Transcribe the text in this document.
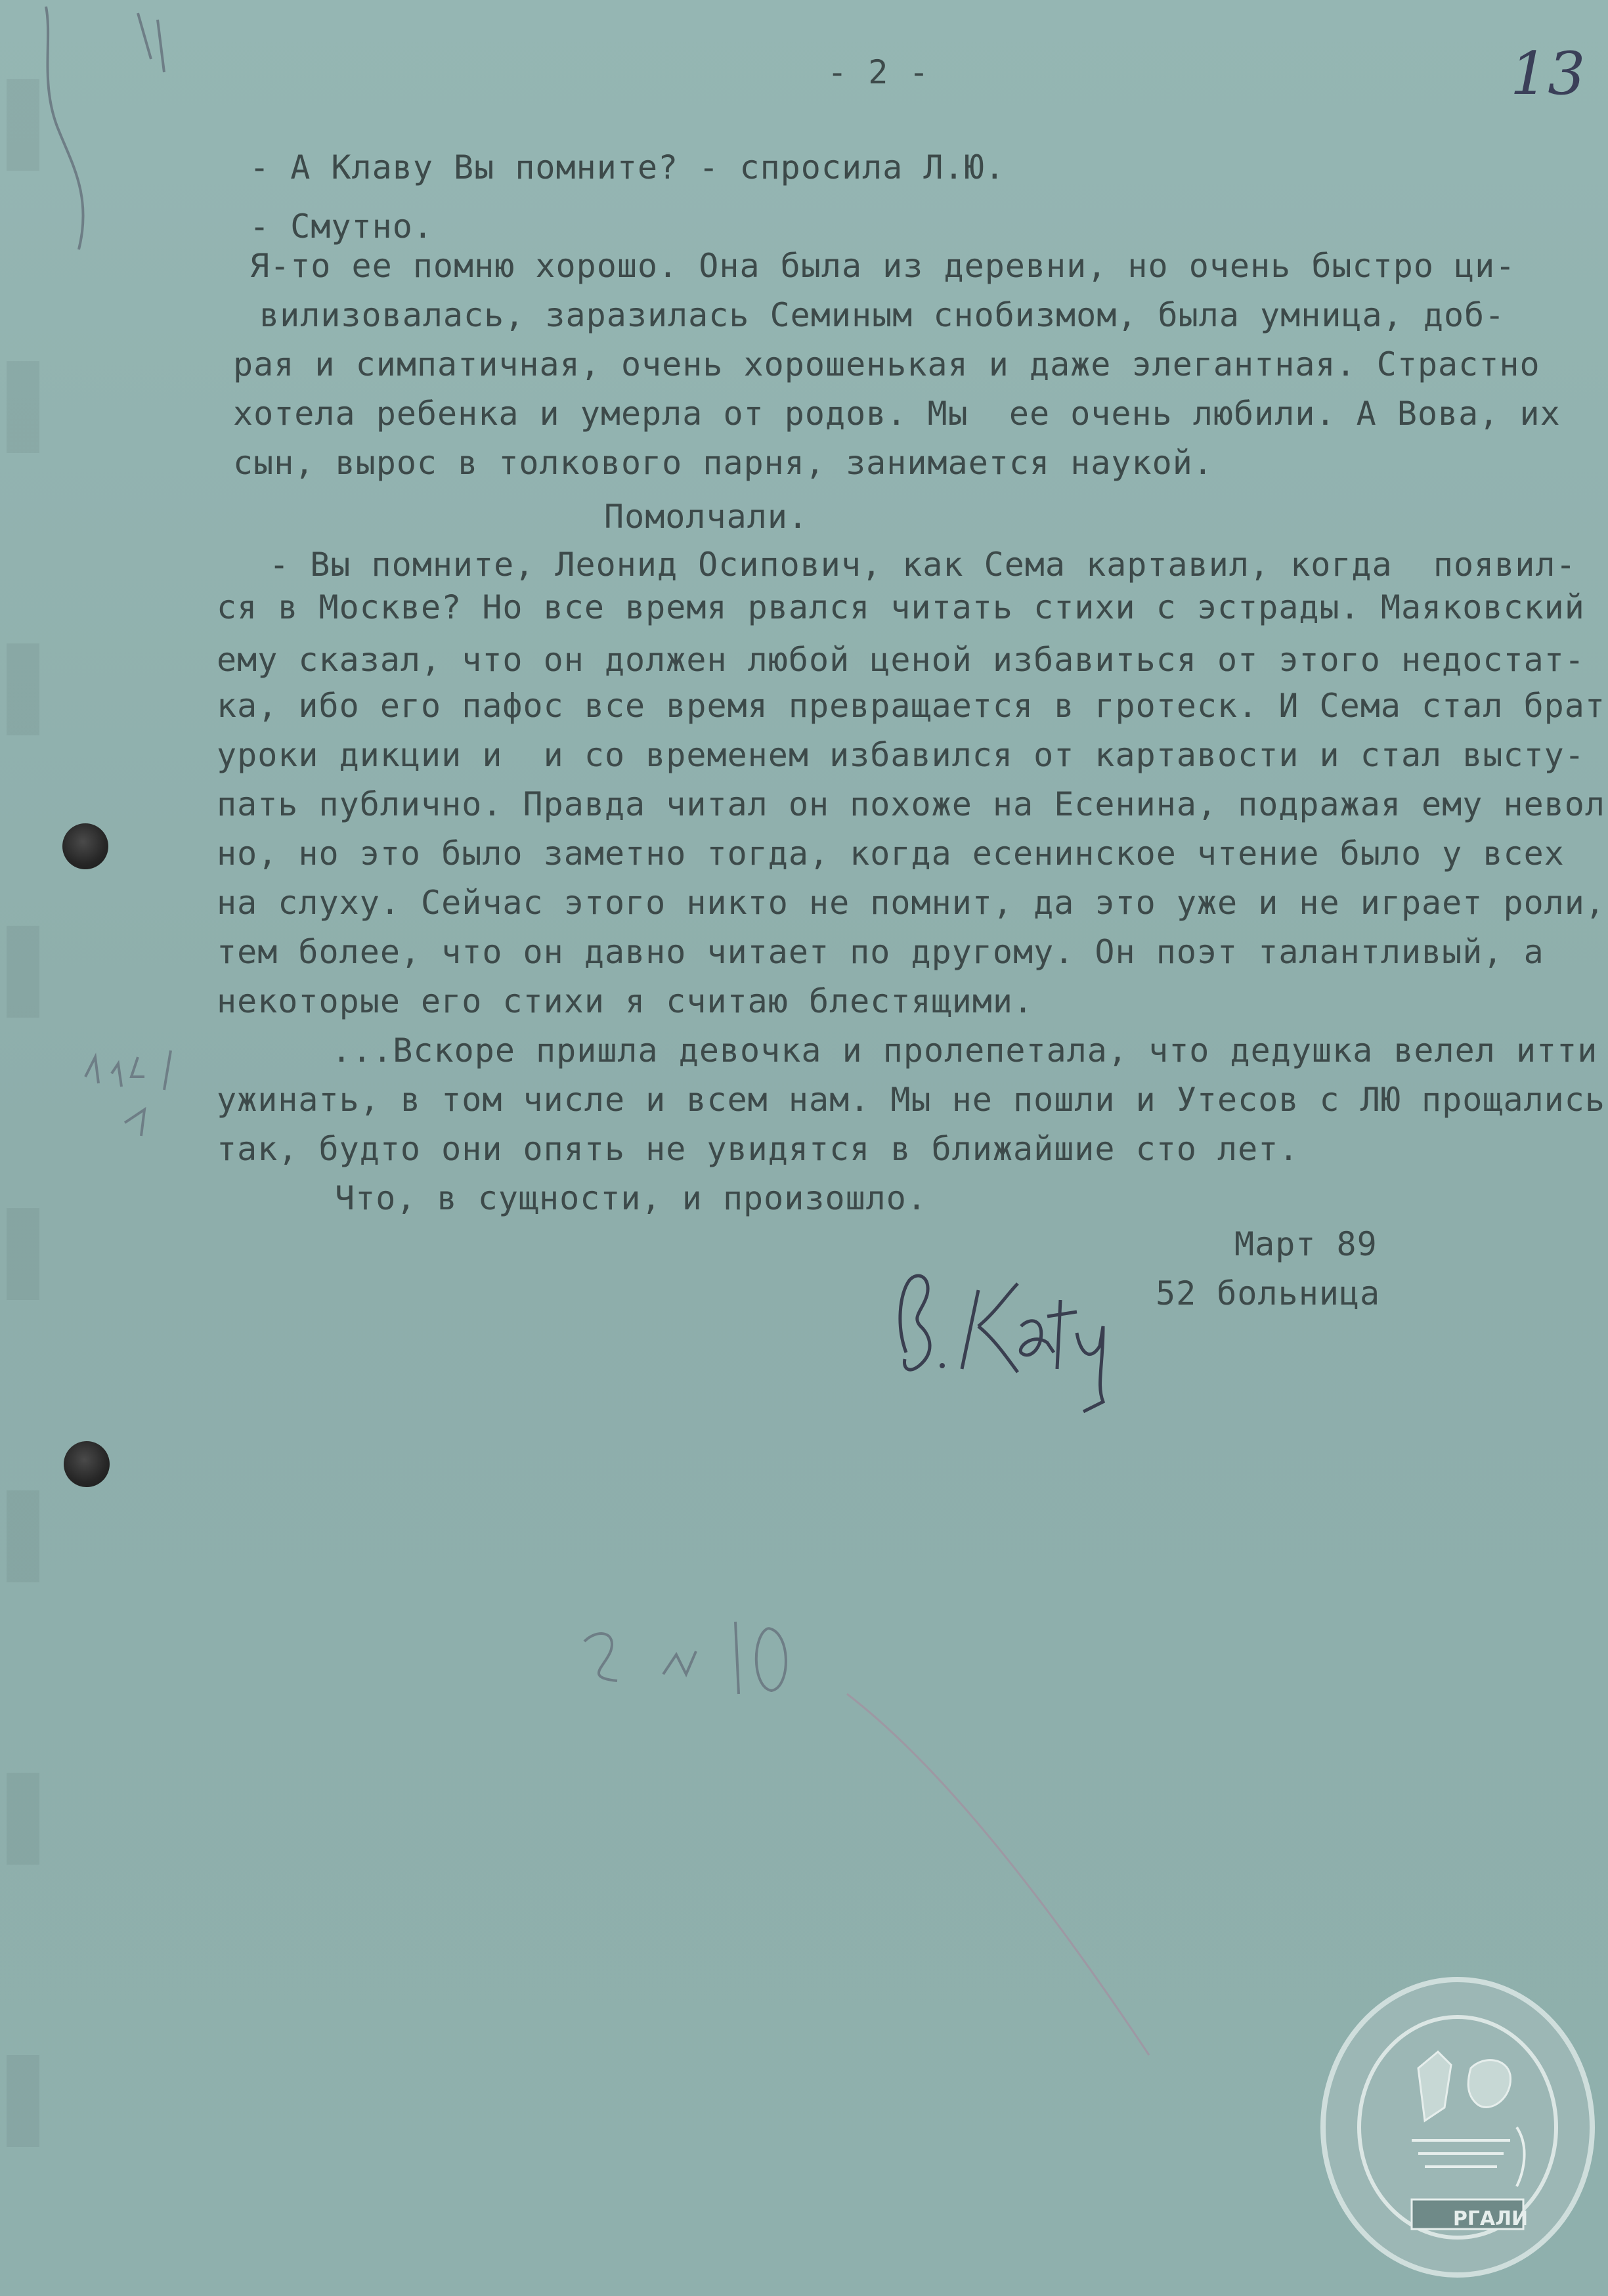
- 2 -	13

- А Клаву Вы помните? - спросила Л.Ю.

- Смутно.

Я-то ее помню хорошо. Она была из деревни, но очень быстро ци-

вилизовалась, заразилась Семиным снобизмом, была умница, доб-

рая и симпатичная, очень хорошенькая и даже элегантная. Страстно

хотела ребенка и умерла от родов. Мы  ее очень любили. А Вова, их

сын, вырос в толкового парня, занимается наукой.

Помолчали.

- Вы помните, Леонид Осипович, как Сема картавил, когда  появил-

ся в Москве? Но все время рвался читать стихи с эстрады. Маяковский

ему сказал, что он должен любой ценой избавиться от этого недостат-

ка, ибо его пафос все время превращается в гротеск. И Сема стал брат

уроки дикции и  и со временем избавился от картавости и стал высту-

пать публично. Правда читал он похоже на Есенина, подражая ему невол

но, но это было заметно тогда, когда есенинское чтение было у всех

на слуху. Сейчас этого никто не помнит, да это уже и не играет роли,

тем более, что он давно читает по другому. Он поэт талантливый, а

некоторые его стихи я считаю блестящими.

...Вскоре пришла девочка и пролепетала, что дедушка велел итти

ужинать, в том числе и всем нам. Мы не пошли и Утесов с ЛЮ прощались

так, будто они опять не увидятся в ближайшие сто лет.

Что, в сущности, и произошло.

Март 89

52 больница

РГАЛИ
